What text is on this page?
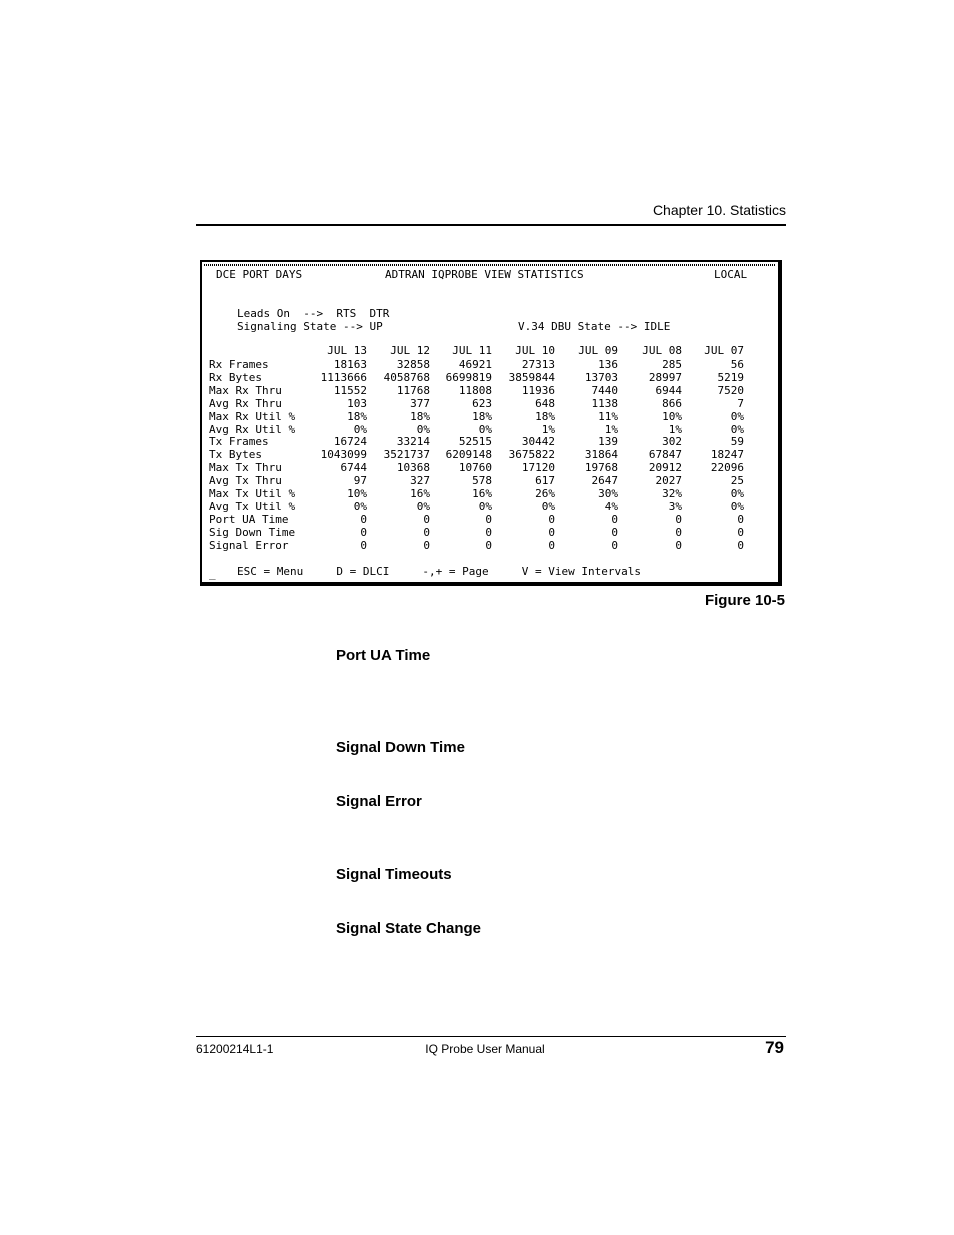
Chapter 10. Statistics
DCE PORT DAYS	ADTRAN IQPROBE VIEW STATISTICS	LOCAL
Leads On  -->  RTS  DTR
Signaling State --> UP	V.34 DBU State --> IDLE
JUL 13	JUL 12	JUL 11	JUL 10	JUL 09	JUL 08	JUL 07
Rx Frames	18163	32858	46921	27313	136	285	56
Rx Bytes	1113666	4058768	6699819	3859844	13703	28997	5219
Max Rx Thru	11552	11768	11808	11936	7440	6944	7520
Avg Rx Thru	103	377	623	648	1138	866	7
Max Rx Util %	18%	18%	18%	18%	11%	10%	0%
Avg Rx Util %	0%	0%	0%	1%	1%	1%	0%
Tx Frames	16724	33214	52515	30442	139	302	59
Tx Bytes	1043099	3521737	6209148	3675822	31864	67847	18247
Max Tx Thru	6744	10368	10760	17120	19768	20912	22096
Avg Tx Thru	97	327	578	617	2647	2027	25
Max Tx Util %	10%	16%	16%	26%	30%	32%	0%
Avg Tx Util %	0%	0%	0%	0%	4%	3%	0%
Port UA Time	0	0	0	0	0	0	0
Sig Down Time	0	0	0	0	0	0	0
Signal Error	0	0	0	0	0	0	0
_ ESC = Menu     D = DLCI     -,+ = Page     V = View Intervals
Figure 10-5
Port UA Time
Signal Down Time
Signal Error
Signal Timeouts
Signal State Change
61200214L1-1	IQ Probe User Manual	79
